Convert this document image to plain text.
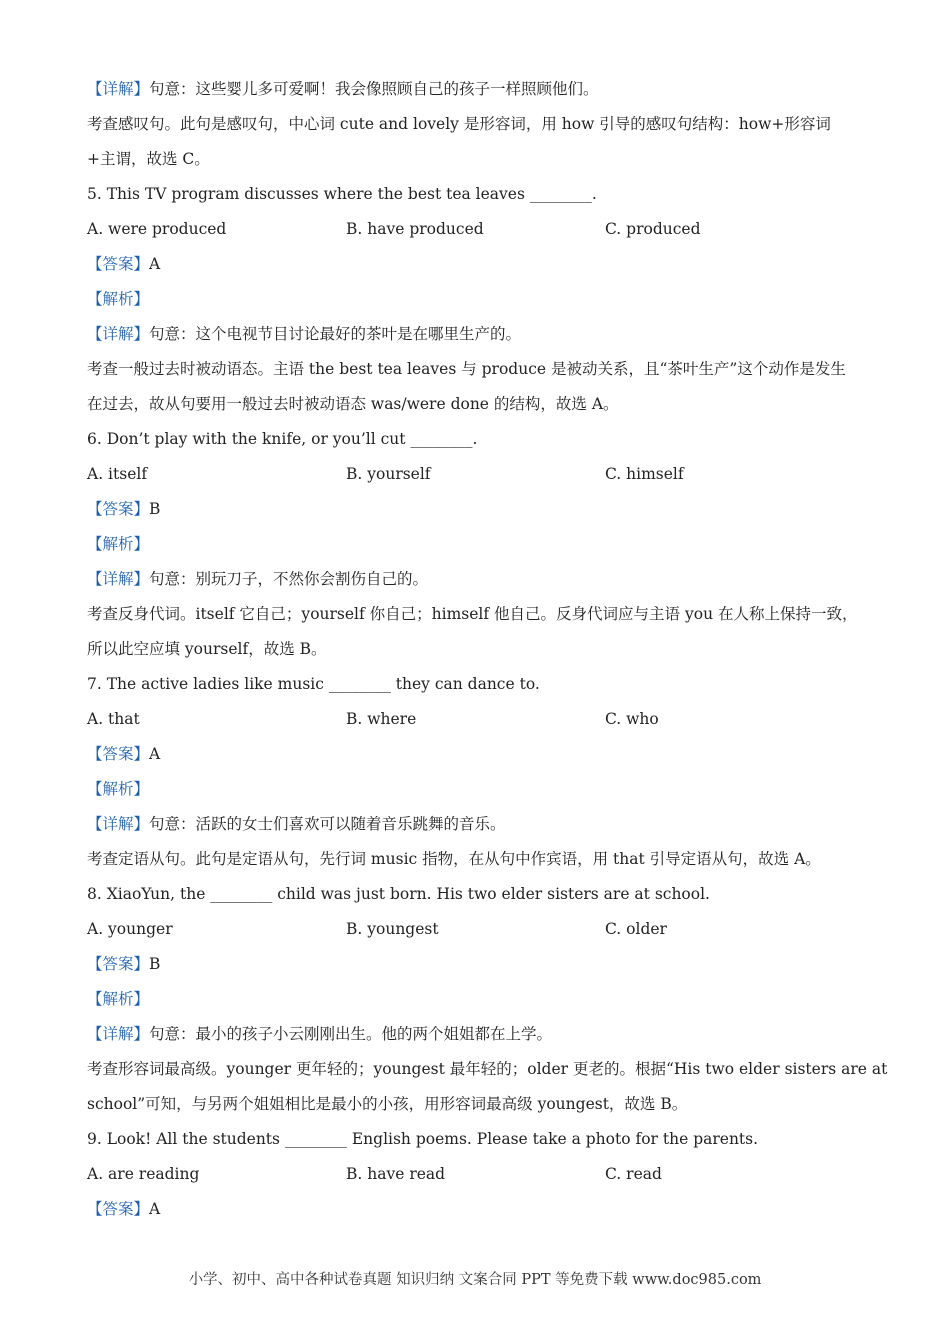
【详解】句意：这些婴儿多可爱啊！我会像照顾自己的孩子一样照顾他们。
考查感叹句。此句是感叹句，中心词 cute and lovely 是形容词，用 how 引导的感叹句结构：how+形容词
+主谓，故选 C。
5. This TV program discusses where the best tea leaves ________.
A. were produced	B. have produced	C. produced
【答案】A
【解析】
【详解】句意：这个电视节目讨论最好的茶叶是在哪里生产的。
考查一般过去时被动语态。主语 the best tea leaves 与 produce 是被动关系，且“茶叶生产”这个动作是发生
在过去，故从句要用一般过去时被动语态 was/were done 的结构，故选 A。
6. Don’t play with the knife, or you’ll cut ________.
A. itself	B. yourself	C. himself
【答案】B
【解析】
【详解】句意：别玩刀子，不然你会割伤自己的。
考查反身代词。itself 它自己；yourself 你自己；himself 他自己。反身代词应与主语 you 在人称上保持一致，
所以此空应填 yourself，故选 B。
7. The active ladies like music ________ they can dance to.
A. that	B. where	C. who
【答案】A
【解析】
【详解】句意：活跃的女士们喜欢可以随着音乐跳舞的音乐。
考查定语从句。此句是定语从句，先行词 music 指物，在从句中作宾语，用 that 引导定语从句，故选 A。
8. XiaoYun, the ________ child was just born. His two elder sisters are at school.
A. younger	B. youngest	C. older
【答案】B
【解析】
【详解】句意：最小的孩子小云刚刚出生。他的两个姐姐都在上学。
考查形容词最高级。younger 更年轻的；youngest 最年轻的；older 更老的。根据“His two elder sisters are at
school”可知，与另两个姐姐相比是最小的小孩，用形容词最高级 youngest，故选 B。
9. Look! All the students ________ English poems. Please take a photo for the parents.
A. are reading	B. have read	C. read
【答案】A
小学、初中、高中各种试卷真题 知识归纳 文案合同 PPT 等免费下载 www.doc985.com
